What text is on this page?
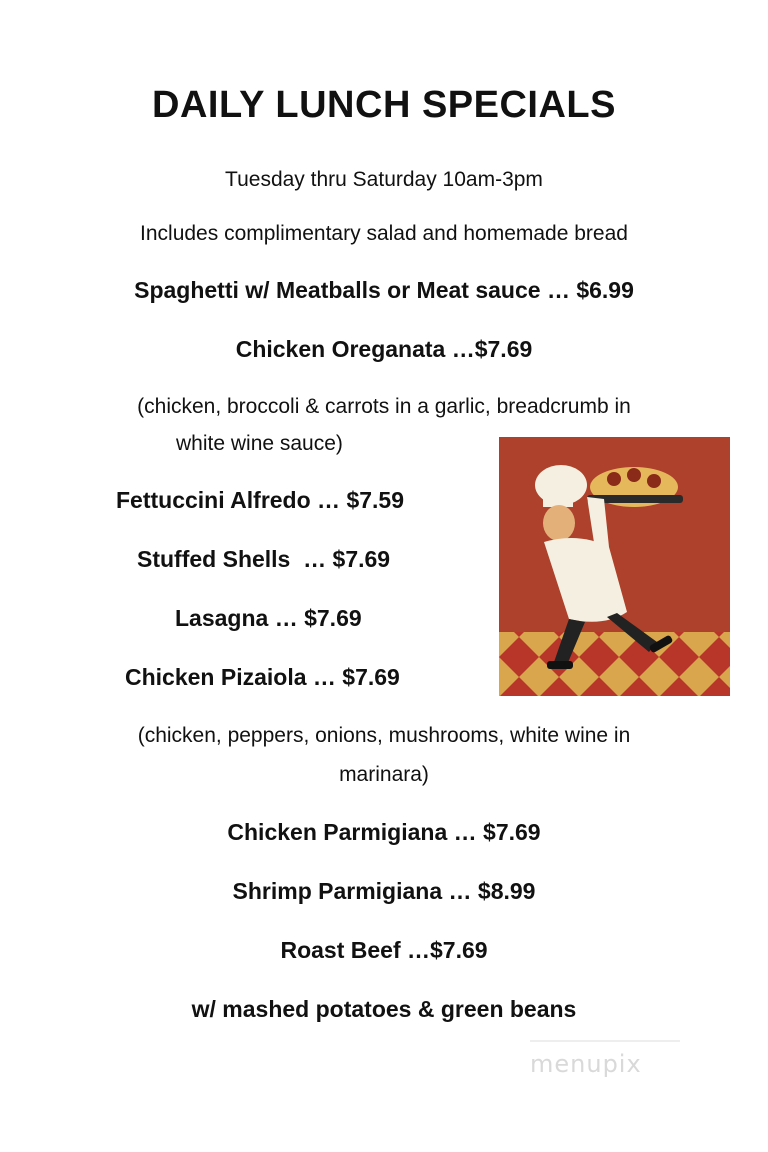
DAILY LUNCH SPECIALS
Tuesday thru Saturday 10am-3pm
Includes complimentary salad and homemade bread
Spaghetti w/ Meatballs or Meat sauce … $6.99
Chicken Oreganata …$7.69
(chicken, broccoli & carrots in a garlic, breadcrumb in
white wine sauce)
Fettuccini Alfredo … $7.59
Stuffed Shells  … $7.69
Lasagna … $7.69
Chicken Pizaiola … $7.69
(chicken, peppers, onions, mushrooms, white wine in
marinara)
Chicken Parmigiana … $7.69
Shrimp Parmigiana … $8.99
Roast Beef …$7.69
w/ mashed potatoes & green beans
menupix
